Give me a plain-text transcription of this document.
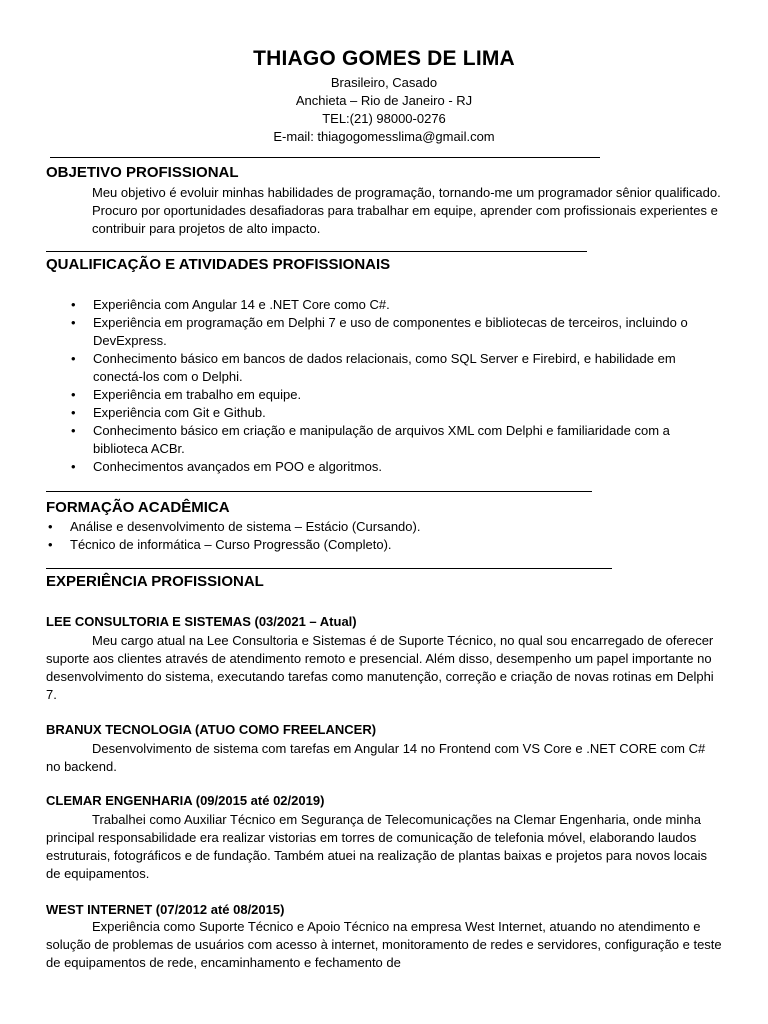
THIAGO GOMES DE LIMA
Brasileiro, Casado
Anchieta – Rio de Janeiro - RJ
TEL:(21) 98000-0276
E-mail: thiagogomesslima@gmail.com
OBJETIVO PROFISSIONAL
Meu objetivo é evoluir minhas habilidades de programação, tornando-me um programador sênior qualificado. Procuro por oportunidades desafiadoras para trabalhar em equipe, aprender com profissionais experientes e contribuir para projetos de alto impacto.
QUALIFICAÇÃO E ATIVIDADES PROFISSIONAIS
• Experiência com Angular 14 e .NET Core como C#.
• Experiência em programação em Delphi 7 e uso de componentes e bibliotecas de terceiros, incluindo o DevExpress.
• Conhecimento básico em bancos de dados relacionais, como SQL Server e Firebird, e habilidade em conectá-los com o Delphi.
• Experiência em trabalho em equipe.
• Experiência com Git e Github.
• Conhecimento básico em criação e manipulação de arquivos XML com Delphi e familiaridade com a biblioteca ACBr.
• Conhecimentos avançados em POO e algoritmos.
FORMAÇÃO ACADÊMICA
• Análise e desenvolvimento de sistema – Estácio (Cursando).
• Técnico de informática – Curso Progressão (Completo).
EXPERIÊNCIA PROFISSIONAL
LEE CONSULTORIA E SISTEMAS (03/2021 – Atual)
Meu cargo atual na Lee Consultoria e Sistemas é de Suporte Técnico, no qual sou encarregado de oferecer suporte aos clientes através de atendimento remoto e presencial. Além disso, desempenho um papel importante no desenvolvimento do sistema, executando tarefas como manutenção, correção e criação de novas rotinas em Delphi 7.
BRANUX TECNOLOGIA (ATUO COMO FREELANCER)
Desenvolvimento de sistema com tarefas em Angular 14 no Frontend com VS Core e .NET CORE com C# no backend.
CLEMAR ENGENHARIA (09/2015 até 02/2019)
Trabalhei como Auxiliar Técnico em Segurança de Telecomunicações na Clemar Engenharia, onde minha principal responsabilidade era realizar vistorias em torres de comunicação de telefonia móvel, elaborando laudos estruturais, fotográficos e de fundação. Também atuei na realização de plantas baixas e projetos para novos locais de equipamentos.
WEST INTERNET (07/2012 até 08/2015)
Experiência como Suporte Técnico e Apoio Técnico na empresa West Internet, atuando no atendimento e solução de problemas de usuários com acesso à internet, monitoramento de redes e servidores, configuração e teste de equipamentos de rede, encaminhamento e fechamento de
